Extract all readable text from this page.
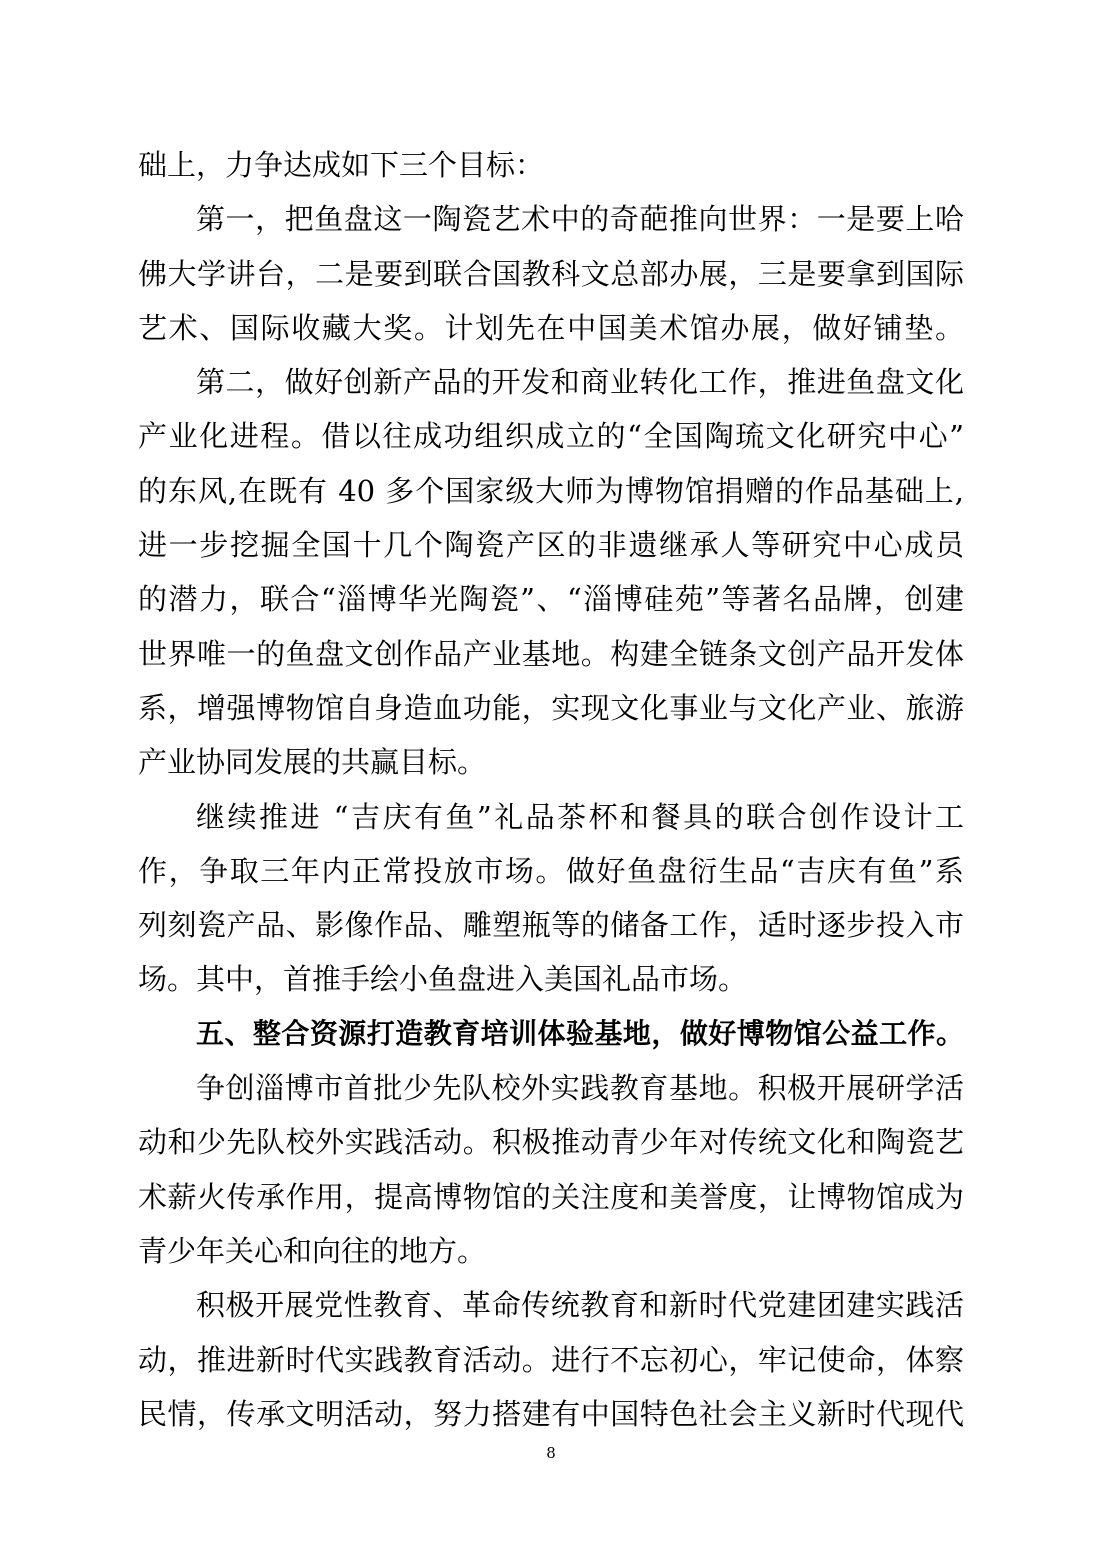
础上，力争达成如下三个目标：
第一，把鱼盘这一陶瓷艺术中的奇葩推向世界：一是要上哈
佛大学讲台，二是要到联合国教科文总部办展，三是要拿到国际
艺术、国际收藏大奖。计划先在中国美术馆办展，做好铺垫。
第二，做好创新产品的开发和商业转化工作，推进鱼盘文化
产业化进程。借以往成功组织成立的“全国陶琉文化研究中心”
的东风,在既有 40 多个国家级大师为博物馆捐赠的作品基础上,
进一步挖掘全国十几个陶瓷产区的非遗继承人等研究中心成员
的潜力，联合“淄博华光陶瓷”、“淄博硅苑”等著名品牌，创建
世界唯一的鱼盘文创作品产业基地。构建全链条文创产品开发体
系，增强博物馆自身造血功能，实现文化事业与文化产业、旅游
产业协同发展的共赢目标。
继续推进 “吉庆有鱼”礼品茶杯和餐具的联合创作设计工
作，争取三年内正常投放市场。做好鱼盘衍生品“吉庆有鱼”系
列刻瓷产品、影像作品、雕塑瓶等的储备工作，适时逐步投入市
场。其中，首推手绘小鱼盘进入美国礼品市场。
五、整合资源打造教育培训体验基地，做好博物馆公益工作。
争创淄博市首批少先队校外实践教育基地。积极开展研学活
动和少先队校外实践活动。积极推动青少年对传统文化和陶瓷艺
术薪火传承作用，提高博物馆的关注度和美誉度，让博物馆成为
青少年关心和向往的地方。
积极开展党性教育、革命传统教育和新时代党建团建实践活
动，推进新时代实践教育活动。进行不忘初心，牢记使命，体察
民情，传承文明活动，努力搭建有中国特色社会主义新时代现代
8
